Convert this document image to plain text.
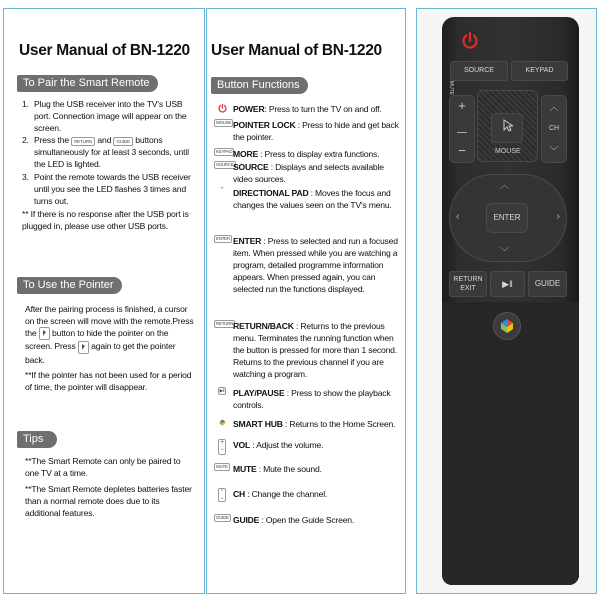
User Manual of BN-1220
To Pair the Smart Remote
1. Plug the USB receiver into the TV's USB port. Connection image will appear on the screen.
2. Press the RETURN and GUIDE buttons simultaneously for at least 3 seconds, until the LED is lighted.
3. Point the remote towards the USB receiver until you see the LED flashes 3 times and turns out.

** If there is no response after the USB port is plugged in, please use other USB ports.

To Use the Pointer

After the pairing process is finished, a cursor on the screen will move with the remote.Press the button to hide the pointer on the screen. Press again to get the pointer back.

**If the pointer has not been used for a period of time, the pointer will disappear.

Tips

**The Smart Remote can only be paired to one TV at a time.

**The Smart Remote depletes batteries faster than a normal remote does due to its additional features.

User Manual of BN-1220
Button Functions
POWER: Press to turn the TV on and off.
MOUSE POINTER LOCK : Press to hide and get back the pointer.
KEYPAD MORE : Press to display extra functions.
SOURCE SOURCE : Displays and selects available video sources.
⌃ DIRECTIONAL PAD : Moves the focus and changes the values seen on the TV's menu.
ENTER ENTER : Press to selected and run a focused item. When pressed while you are watching a program, detailed programme information appears. When pressed again, you can selected run the functions displayed.
RETURN RETURN/BACK : Returns to the previous menu. Terminates the running function when the button is pressed for more than 1 second. Returns to the previous channel if you are watching a program.
▶‖	PLAY/PAUSE : Press to show the playback controls.
SMART HUB : Returns to the Home Screen.
+
−	VOL : Adjust the volume.
MUTE MUTE : Mute the sound.
⌃
⌄	CH : Change the channel.
GUIDE GUIDE : Open the Guide Screen.
SOURCE	KEYPAD
MUTE
+
−	MOUSE
︿
CH
﹀
︿
‹	›
﹀
ENTER
RETURN
EXIT	▶‖	GUIDE
